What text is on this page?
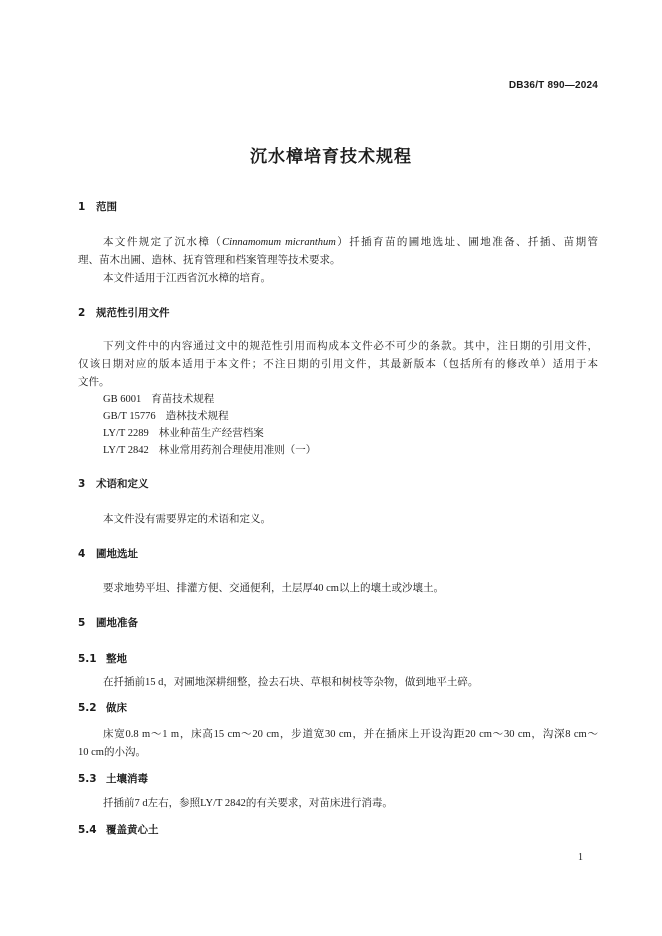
DB36/T 890—2024
沉水樟培育技术规程
1 范围
本文件规定了沉水樟（Cinnamomum micranthum）扦插育苗的圃地选址、圃地准备、扦插、苗期管
理、苗木出圃、造林、抚育管理和档案管理等技术要求。
本文件适用于江西省沉水樟的培育。
2 规范性引用文件
下列文件中的内容通过文中的规范性引用而构成本文件必不可少的条款。其中，注日期的引用文件，
仅该日期对应的版本适用于本文件；不注日期的引用文件，其最新版本（包括所有的修改单）适用于本
文件。
GB 6001 育苗技术规程
GB/T 15776 造林技术规程
LY/T 2289 林业种苗生产经营档案
LY/T 2842 林业常用药剂合理使用准则（一）
3 术语和定义
本文件没有需要界定的术语和定义。
4 圃地选址
要求地势平坦、排灌方便、交通便利，土层厚40 cm以上的壤土或沙壤土。
5 圃地准备
5.1 整地
在扦插前15 d，对圃地深耕细整，捡去石块、草根和树枝等杂物，做到地平土碎。
5.2 做床
床宽0.8 m～1 m，床高15 cm～20 cm，步道宽30 cm，并在插床上开设沟距20 cm～30 cm，沟深8 cm～
10 cm的小沟。
5.3 土壤消毒
扦插前7 d左右，参照LY/T 2842的有关要求，对苗床进行消毒。
5.4 覆盖黄心土
1
